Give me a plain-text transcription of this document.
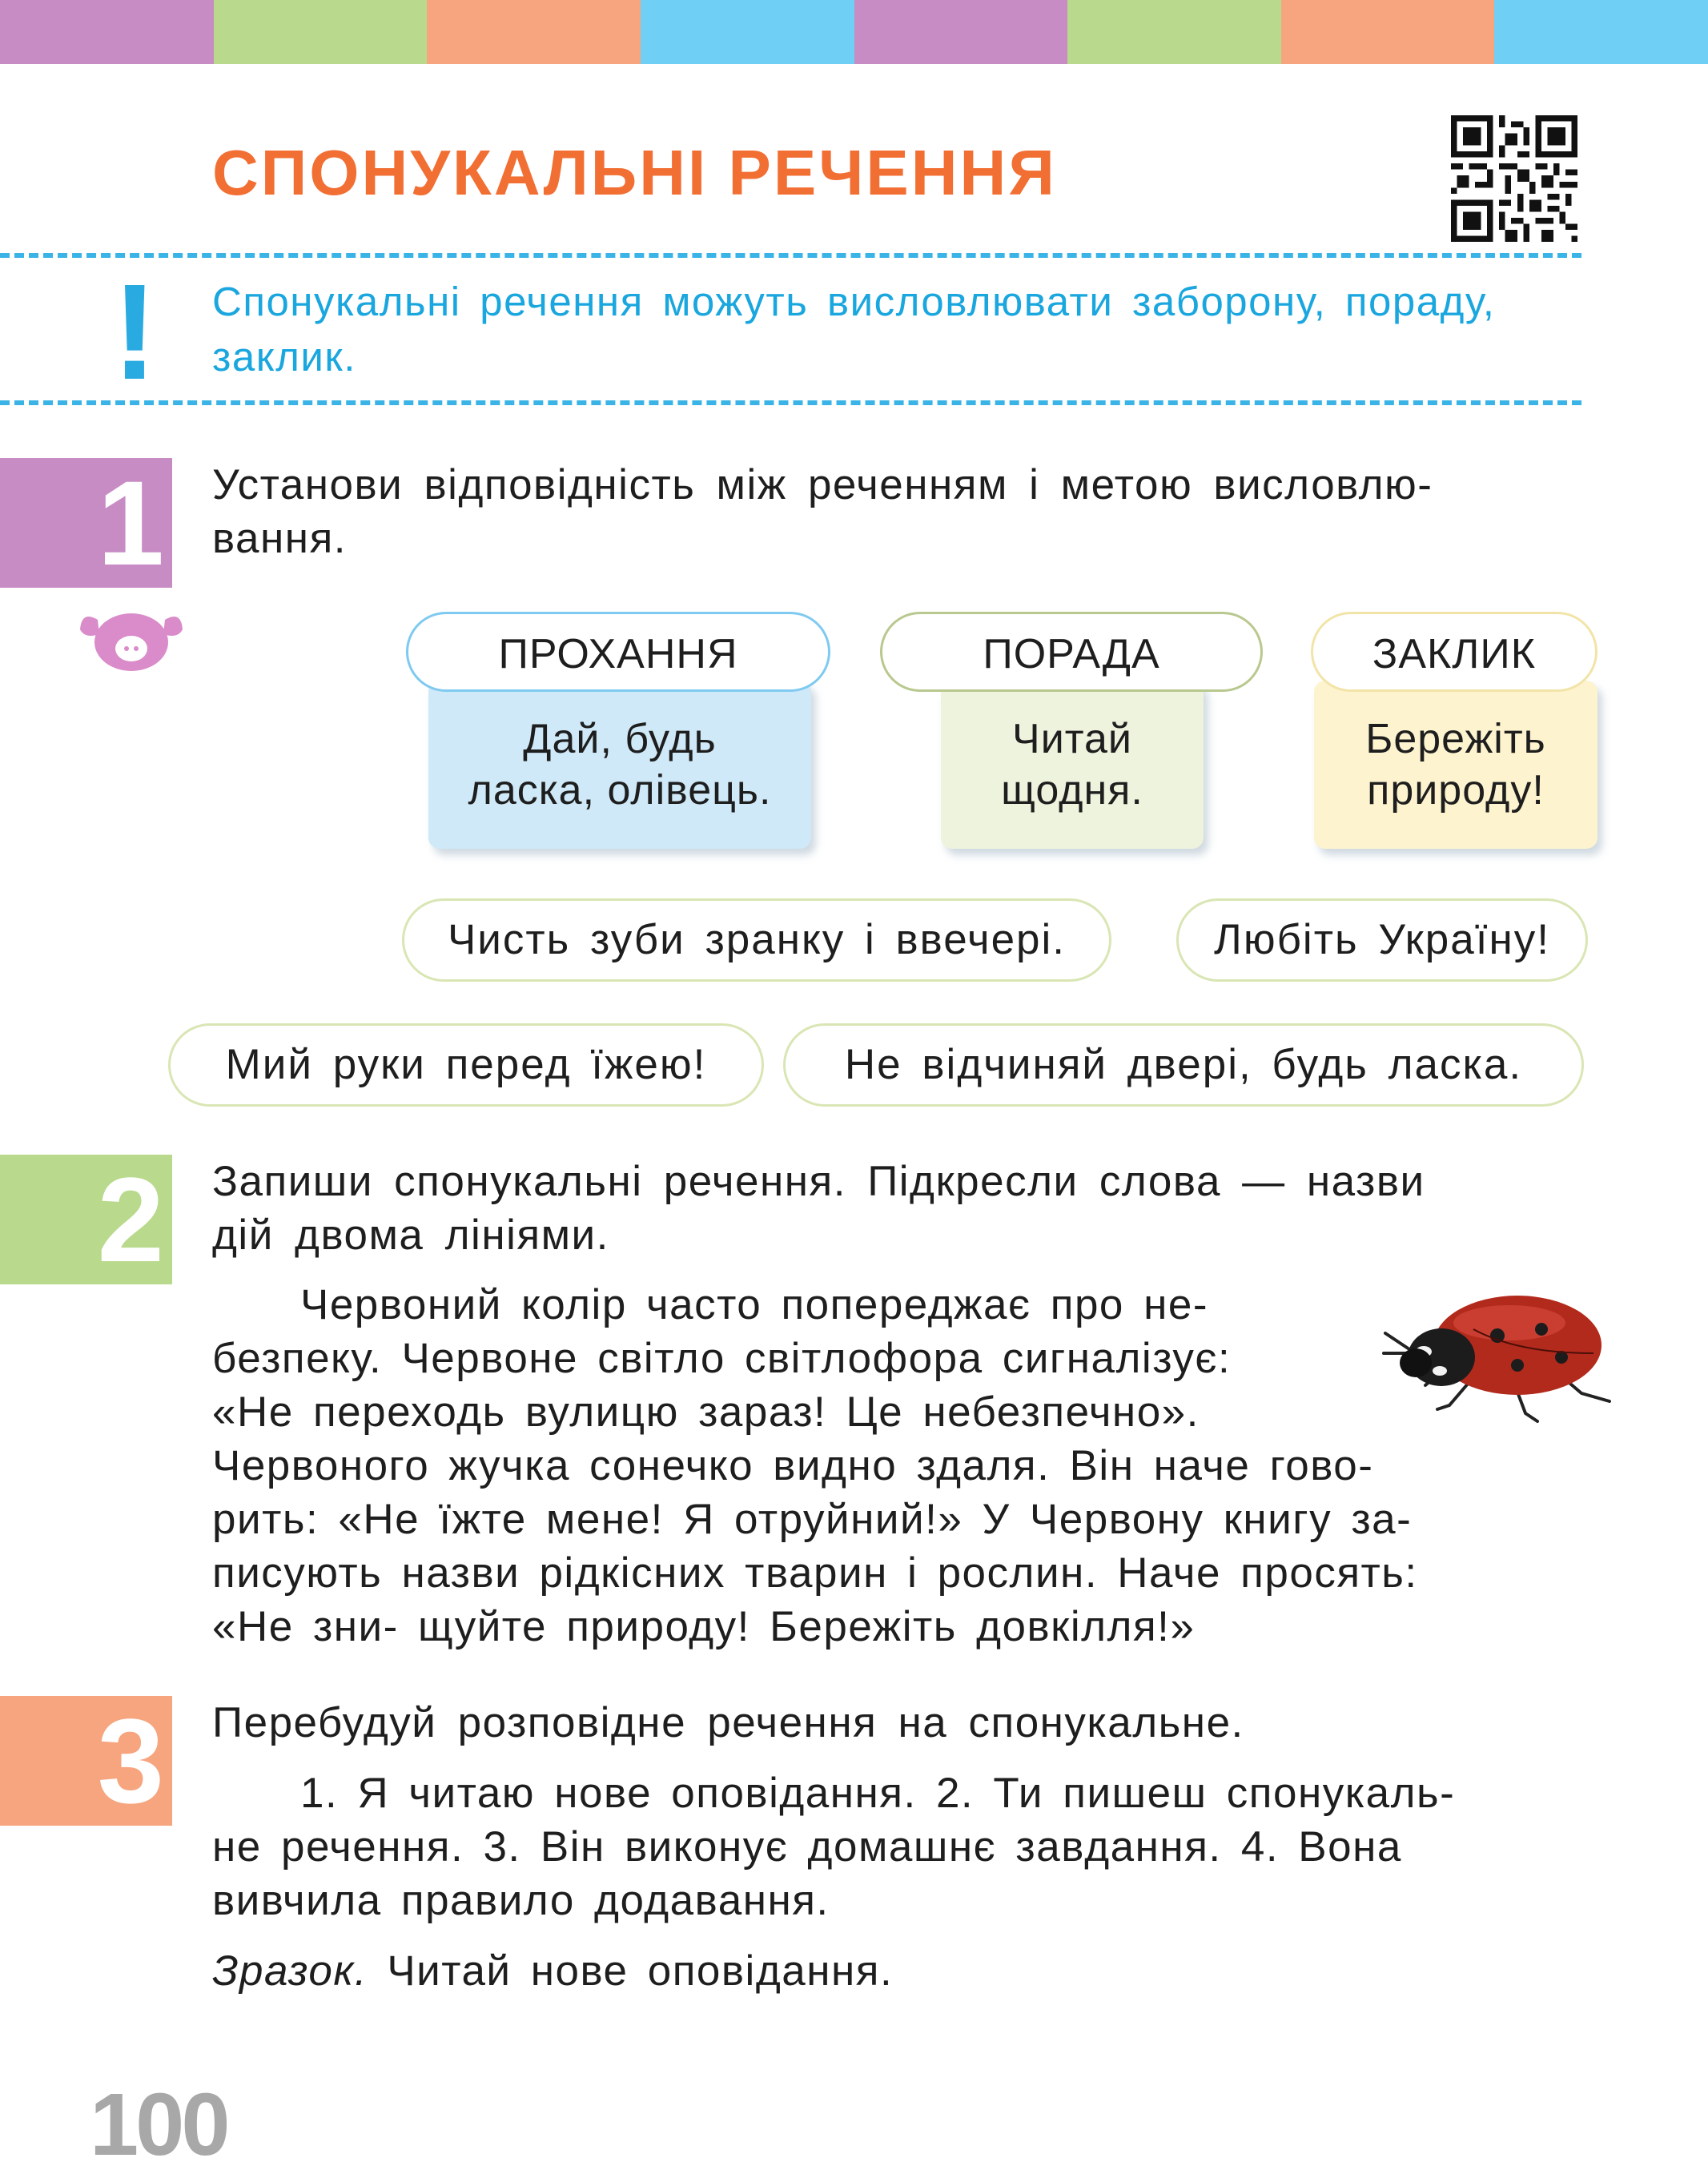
СПОНУКАЛЬНІ РЕЧЕННЯ
! Спонукальні речення можуть висловлювати заборону, пораду, заклик.
1 Установи відповідність між реченням і метою висловлю-
вання.
Дай, будь
ласка, олівець.
ПРОХАННЯ
Читай
щодня.
ПОРАДА
Бережіть
природу!
ЗАКЛИК
Чисть зуби зранку і ввечері.	Любіть Україну!
Мий руки перед їжею!	Не відчиняй двері, будь ласка.
2 Запиши спонукальні речення. Підкресли слова — назви
дій двома лініями.
Червоний колір часто попереджає про не-
безпеку. Червоне світло світлофора сигналізує:
«Не переходь вулицю зараз! Це небезпечно».
Червоного жучка сонечко видно здаля. Він наче гово-
рить: «Не їжте мене! Я отруйний!» У Червону книгу за-
писують назви рідкісних тварин і рослин. Наче просять:
«Не зни- щуйте природу! Бережіть довкілля!»
3 Перебудуй розповідне речення на спонукальне.
1. Я читаю нове оповідання. 2. Ти пишеш спонукаль-
не речення. 3. Він виконує домашнє завдання. 4. Вона
вивчила правило додавання.
Зразок. Читай нове оповідання.
100
